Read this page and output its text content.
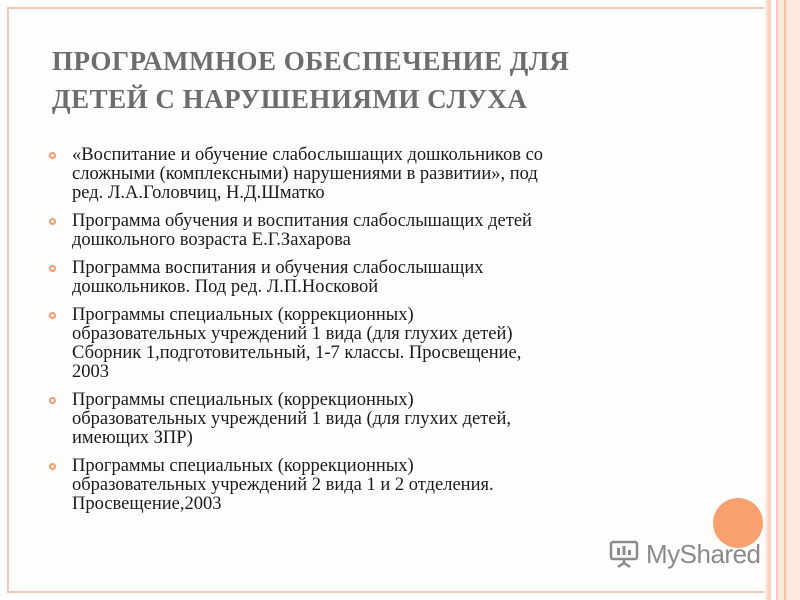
ПРОГРАММНОЕ ОБЕСПЕЧЕНИЕ ДЛЯ
ДЕТЕЙ С НАРУШЕНИЯМИ СЛУХА
«Воспитание и обучение слабослышащих дошкольников со
сложными (комплексными) нарушениями в развитии», под
ред. Л.А.Головчиц, Н.Д.Шматко
Программа обучения и воспитания слабослышащих детей
дошкольного возраста Е.Г.Захарова
Программа воспитания и обучения слабослышащих
дошкольников. Под ред. Л.П.Носковой
Программы специальных (коррекционных)
образовательных учреждений 1 вида (для глухих детей)
Сборник 1,подготовительный, 1-7 классы. Просвещение,
2003
Программы специальных (коррекционных)
образовательных учреждений 1 вида (для глухих детей,
имеющих ЗПР)
Программы специальных (коррекционных)
образовательных учреждений 2 вида 1 и 2 отделения.
Просвещение,2003
MyShared
